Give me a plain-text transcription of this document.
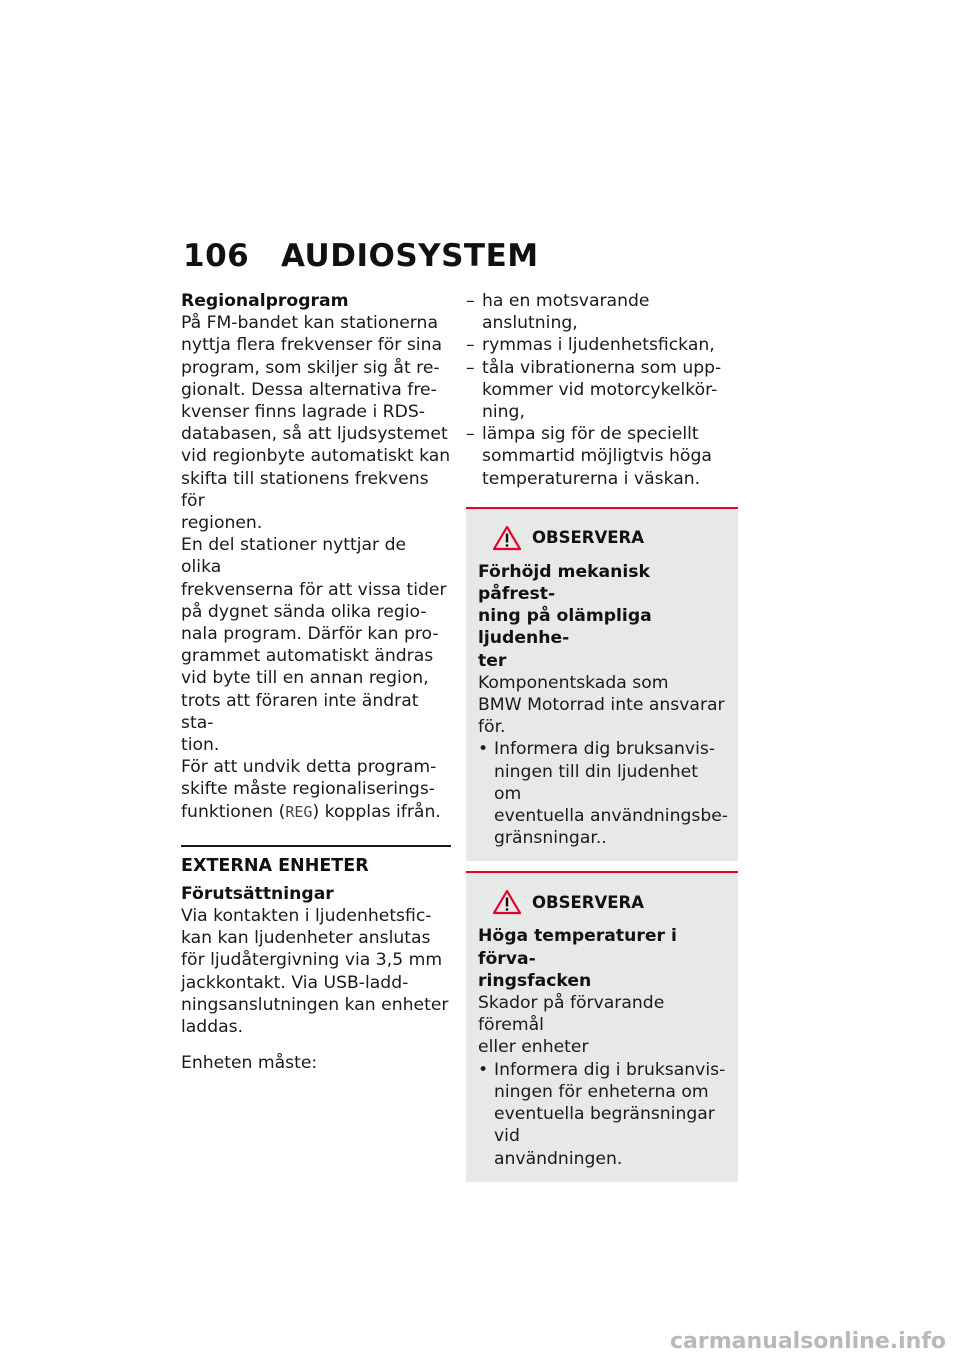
106 AUDIOSYSTEM
Regionalprogram
På FM-bandet kan stationerna
nyttja flera frekvenser för sina
program, som skiljer sig åt re-
gionalt. Dessa alternativa fre-
kvenser finns lagrade i RDS-
databasen, så att ljudsystemet
vid regionbyte automatiskt kan
skifta till stationens frekvens för
regionen.
En del stationer nyttjar de olika
frekvenserna för att vissa tider
på dygnet sända olika regio-
nala program. Därför kan pro-
grammet automatiskt ändras
vid byte till en annan region,
trots att föraren inte ändrat sta-
tion.
För att undvik detta program-
skifte måste regionaliserings-
funktionen (REG) kopplas ifrån.
EXTERNA ENHETER
Förutsättningar
Via kontakten i ljudenhetsfic-
kan kan ljudenheter anslutas
för ljudåtergivning via 3,5 mm
jackkontakt. Via USB-ladd-
ningsanslutningen kan enheter
laddas.
Enheten måste:
– ha en motsvarande anslutning,
– rymmas i ljudenhetsfickan,
– tåla vibrationerna som upp-
kommer vid motorcykelkör-
ning,
– lämpa sig för de speciellt
sommartid möjligtvis höga
temperaturerna i väskan.
OBSERVERA
Förhöjd mekanisk påfrest-
ning på olämpliga ljudenhe-
ter
Komponentskada som
BMW Motorrad inte ansvarar
för.
• Informera dig bruksanvis-
ningen till din ljudenhet om
eventuella användningsbe-
gränsningar..
OBSERVERA
Höga temperaturer i förva-
ringsfacken
Skador på förvarande föremål
eller enheter
• Informera dig i bruksanvis-
ningen för enheterna om
eventuella begränsningar vid
användningen.
carmanualsonline.info
